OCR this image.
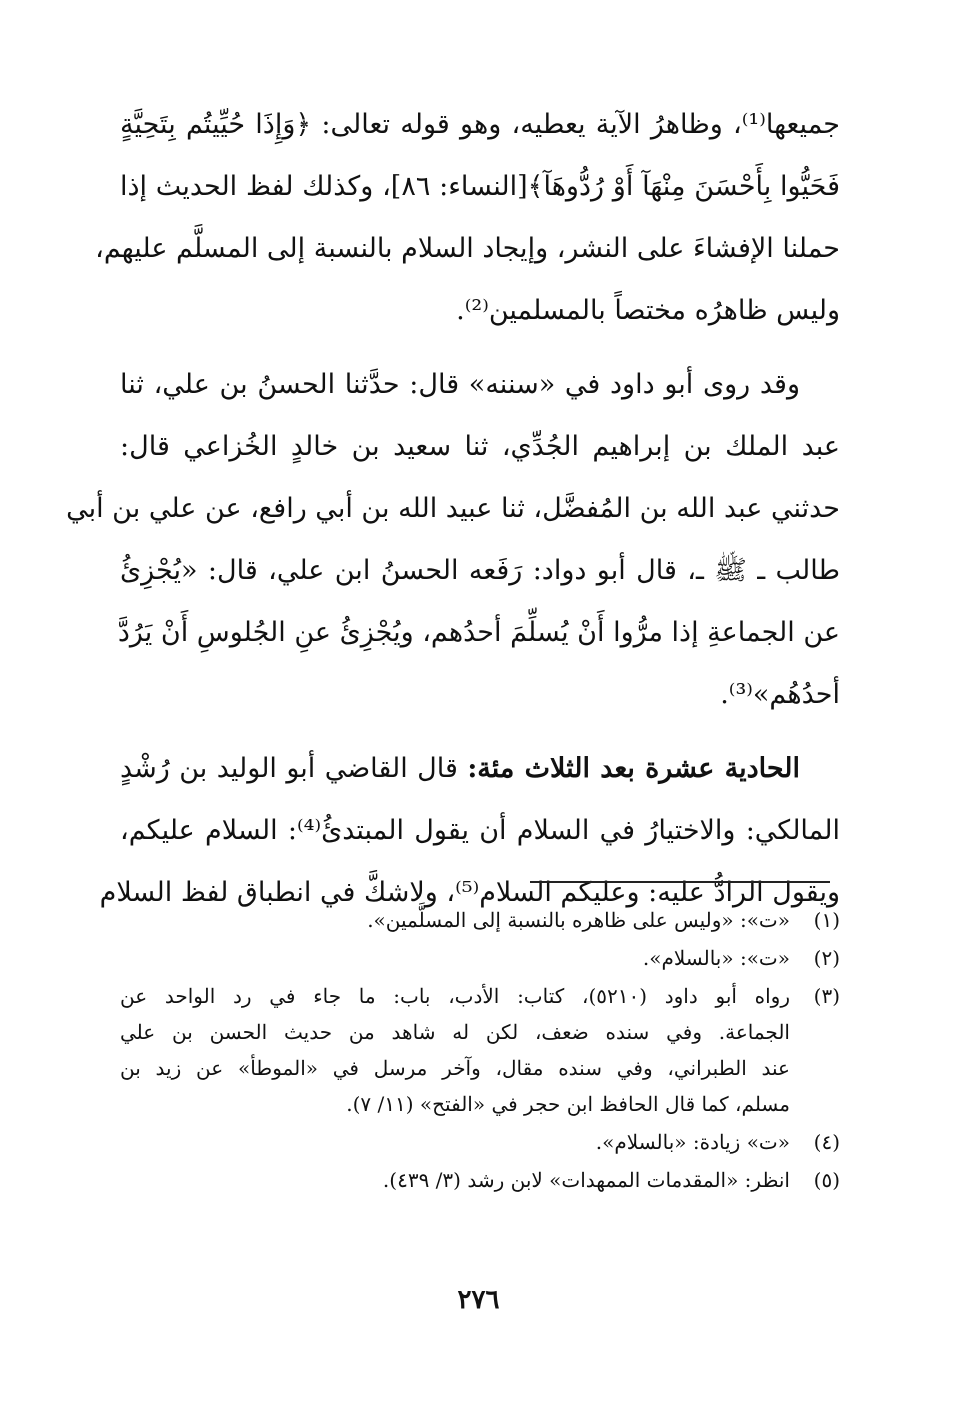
جميعها⁽¹⁾، وظاهرُ الآية يعطيه، وهو قوله تعالى: ﴿وَإِذَا حُيِّيتُم بِتَحِيَّةٍ
فَحَيُّوا بِأَحْسَنَ مِنْهَآ أَوْ رُدُّوهَآ﴾[النساء: ٨٦]، وكذلك لفظ الحديث إذا
حملنا الإفشاءَ على النشر، وإيجاد السلام بالنسبة إلى المسلَّم عليهم،
وليس ظاهرُه مختصاً بالمسلمين⁽²⁾.

وقد روى أبو داود في «سننه» قال: حدَّثنا الحسنُ بن علي، ثنا
عبد الملك بن إبراهيم الجُدِّي، ثنا سعيد بن خالدٍ الخُزاعي قال:
حدثني عبد الله بن المُفضَّل، ثنا عبيد الله بن أبي رافع، عن علي بن أبي
طالب ـ ﷺ ـ، قال أبو دواد: رَفَعه الحسنُ ابن علي، قال: «يُجْزِئُ
عن الجماعةِ إذا مرُّوا أَنْ يُسلِّمَ أحدُهم، ويُجْزِئُ عنِ الجُلوسِ أَنْ يَرُدَّ
أحدُهُم»⁽³⁾.

الحادية عشرة بعد الثلاث مئة: قال القاضي أبو الوليد بن رُشْدٍ
المالكي: والاختيارُ في السلام أن يقول المبتدئُ⁽⁴⁾: السلام عليكم،
ويقول الرادُّ عليه: وعليكم السلام⁽⁵⁾، ولاشكَّ في انطباق لفظ السلام

(١)
«ت»: «وليس على ظاهره بالنسبة إلى المسلَّمين».
(٢)
«ت»: «بالسلام».
(٣)
رواه أبو داود (٥٢١٠)، كتاب: الأدب، باب: ما جاء في رد الواحد عن
الجماعة. وفي سنده ضعف، لكن له شاهد من حديث الحسن بن علي
عند الطبراني، وفي سنده مقال، وآخر مرسل في «الموطأ» عن زيد بن
مسلم، كما قال الحافظ ابن حجر في «الفتح» (١١/ ٧).
(٤)
«ت» زيادة: «بالسلام».
(٥)
انظر: «المقدمات الممهدات» لابن رشد (٣/ ٤٣٩).
٢٧٦
